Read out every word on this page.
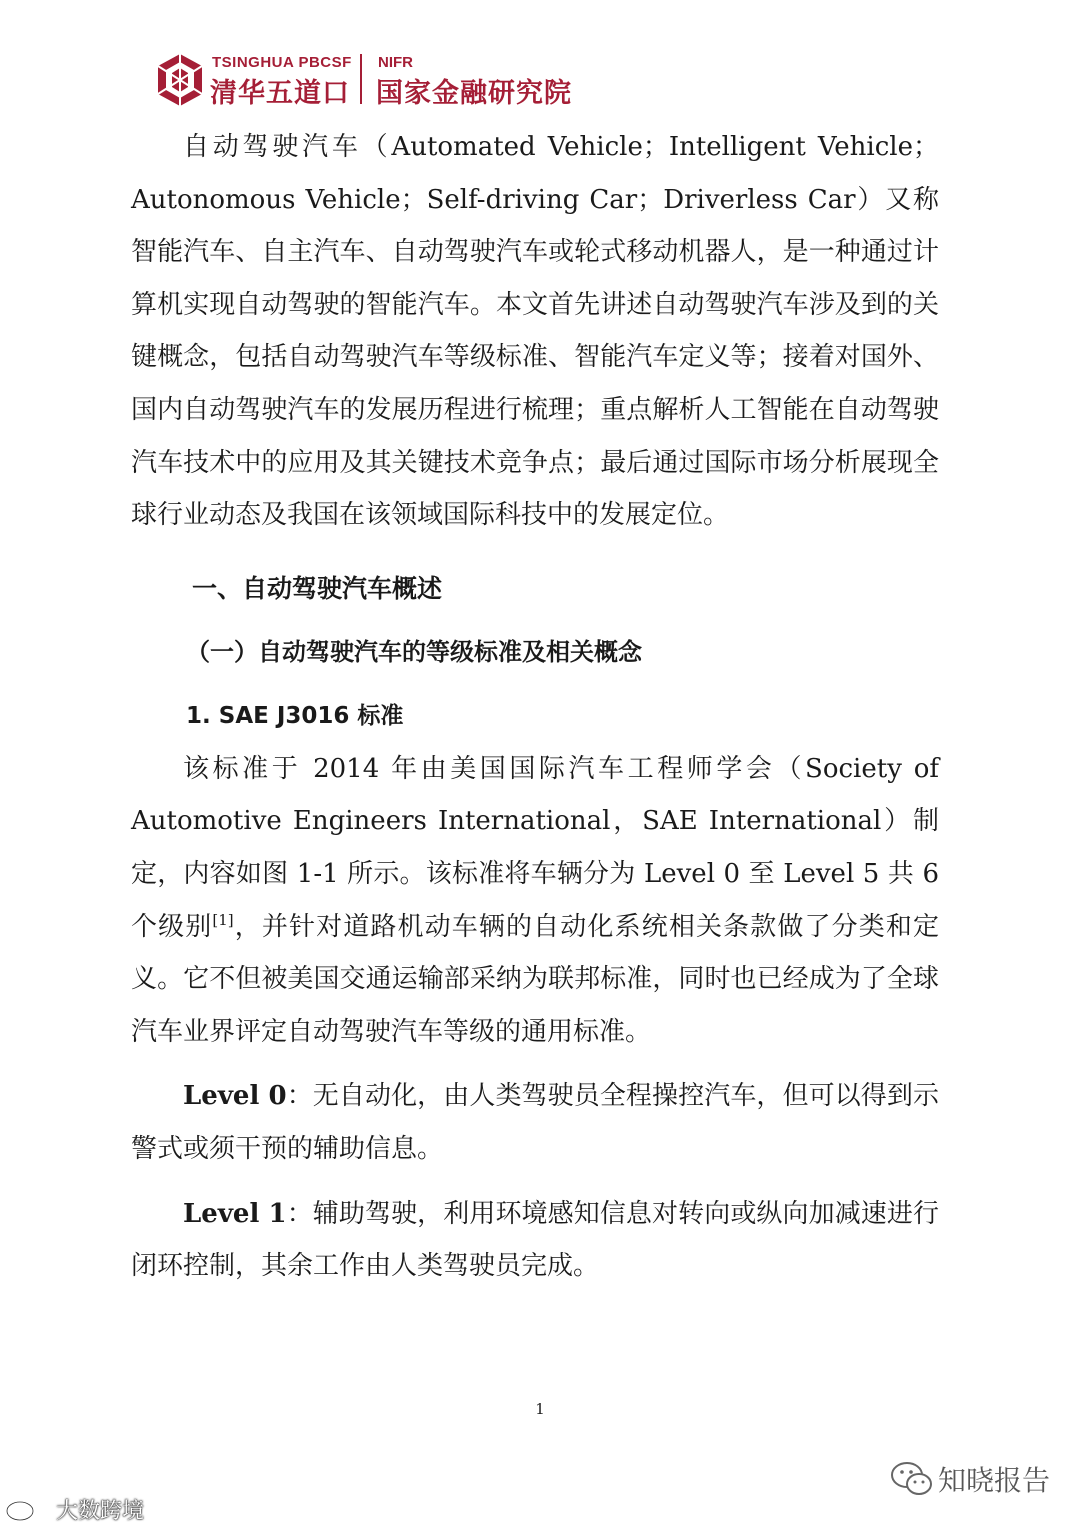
TSINGHUA PBCSF
清华五道口
NIFR
国家金融研究院

自动驾驶汽车（Automated Vehicle；Intelligent Vehicle；Autonomous Vehicle；Self-driving Car；Driverless Car）又称智能汽车、自主汽车、自动驾驶汽车或轮式移动机器人，是一种通过计算机实现自动驾驶的智能汽车。本文首先讲述自动驾驶汽车涉及到的关键概念，包括自动驾驶汽车等级标准、智能汽车定义等；接着对国外、国内自动驾驶汽车的发展历程进行梳理；重点解析人工智能在自动驾驶汽车技术中的应用及其关键技术竞争点；最后通过国际市场分析展现全球行业动态及我国在该领域国际科技中的发展定位。

一、自动驾驶汽车概述
（一）自动驾驶汽车的等级标准及相关概念
1. SAE J3016 标准

该标准于 2014 年由美国国际汽车工程师学会（Society of Automotive Engineers International，SAE International）制定，内容如图 1-1 所示。该标准将车辆分为 Level 0 至 Level 5 共 6 个级别[1]，并针对道路机动车辆的自动化系统相关条款做了分类和定义。它不但被美国交通运输部采纳为联邦标准，同时也已经成为了全球汽车业界评定自动驾驶汽车等级的通用标准。

Level 0：无自动化，由人类驾驶员全程操控汽车，但可以得到示警式或须干预的辅助信息。

Level 1：辅助驾驶，利用环境感知信息对转向或纵向加减速进行闭环控制，其余工作由人类驾驶员完成。

1
知晓报告
大数跨境
